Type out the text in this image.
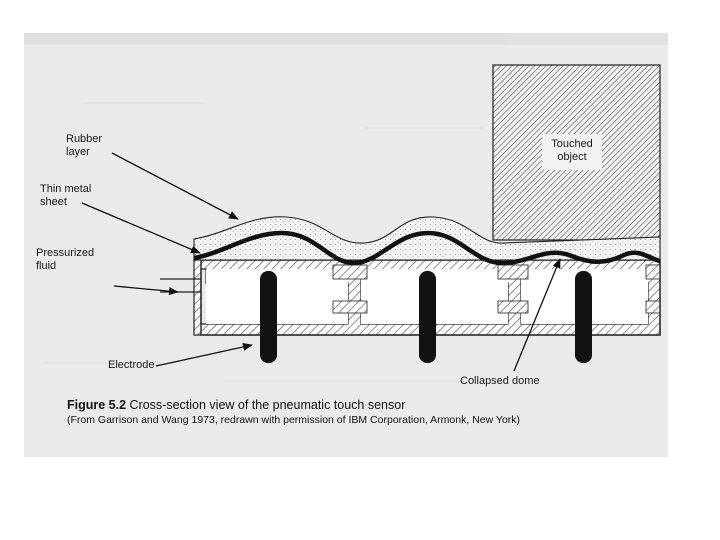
Rubber
layer
Thin metal
sheet
Pressurized
fluid
Electrode
Touched
object
Collapsed dome
Figure 5.2 Cross-section view of the pneumatic touch sensor
(From Garrison and Wang 1973, redrawn with permission of IBM Corporation, Armonk, New York)
